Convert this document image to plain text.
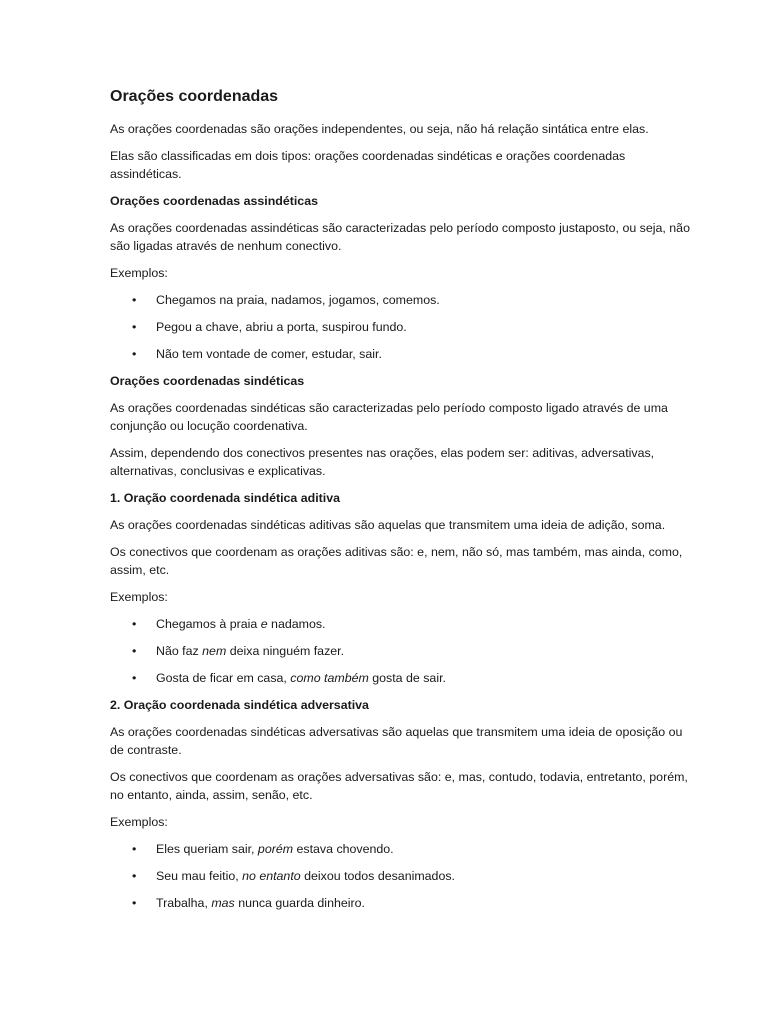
Orações coordenadas

As orações coordenadas são orações independentes, ou seja, não há relação sintática entre elas.

Elas são classificadas em dois tipos: orações coordenadas sindéticas e orações coordenadas assindéticas.

Orações coordenadas assindéticas

As orações coordenadas assindéticas são caracterizadas pelo período composto justaposto, ou seja, não são ligadas através de nenhum conectivo.

Exemplos:

• Chegamos na praia, nadamos, jogamos, comemos.
• Pegou a chave, abriu a porta, suspirou fundo.
• Não tem vontade de comer, estudar, sair.
Orações coordenadas sindéticas

As orações coordenadas sindéticas são caracterizadas pelo período composto ligado através de uma conjunção ou locução coordenativa.

Assim, dependendo dos conectivos presentes nas orações, elas podem ser: aditivas, adversativas, alternativas, conclusivas e explicativas.

1. Oração coordenada sindética aditiva

As orações coordenadas sindéticas aditivas são aquelas que transmitem uma ideia de adição, soma.

Os conectivos que coordenam as orações aditivas são: e, nem, não só, mas também, mas ainda, como, assim, etc.

Exemplos:

• Chegamos à praia e nadamos.
• Não faz nem deixa ninguém fazer.
• Gosta de ficar em casa, como também gosta de sair.
2. Oração coordenada sindética adversativa

As orações coordenadas sindéticas adversativas são aquelas que transmitem uma ideia de oposição ou de contraste.

Os conectivos que coordenam as orações adversativas são: e, mas, contudo, todavia, entretanto, porém, no entanto, ainda, assim, senão, etc.

Exemplos:

• Eles queriam sair, porém estava chovendo.
• Seu mau feitio, no entanto deixou todos desanimados.
• Trabalha, mas nunca guarda dinheiro.
